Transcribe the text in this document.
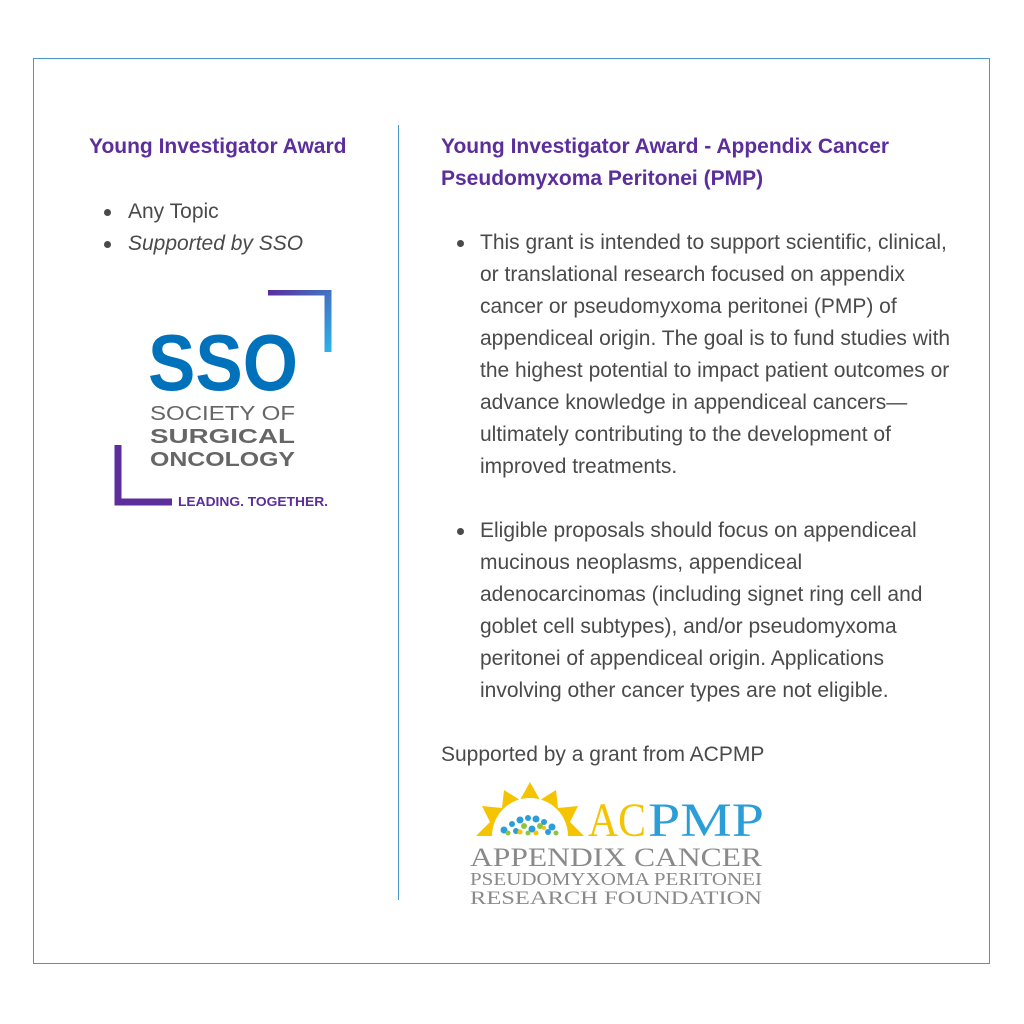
Young Investigator Award
Any Topic
Supported by SSO
SSO
SOCIETY OF
SURGICAL
ONCOLOGY
LEADING. TOGETHER.
Young Investigator Award - Appendix Cancer
Pseudomyxoma Peritonei (PMP)
This grant is intended to support scientific, clinical, or translational research focused on appendix cancer or pseudomyxoma peritonei (PMP) of appendiceal origin. The goal is to fund studies with the highest potential to impact patient outcomes or advance knowledge in appendiceal cancers—ultimately contributing to the development of improved treatments.
Eligible proposals should focus on appendiceal mucinous neoplasms, appendiceal adenocarcinomas (including signet ring cell and goblet cell subtypes), and/or pseudomyxoma peritonei of appendiceal origin. Applications involving other cancer types are not eligible.
Supported by a grant from ACPMP
AC PMP
APPENDIX CANCER
PSEUDOMYXOMA PERITONEI
RESEARCH FOUNDATION
